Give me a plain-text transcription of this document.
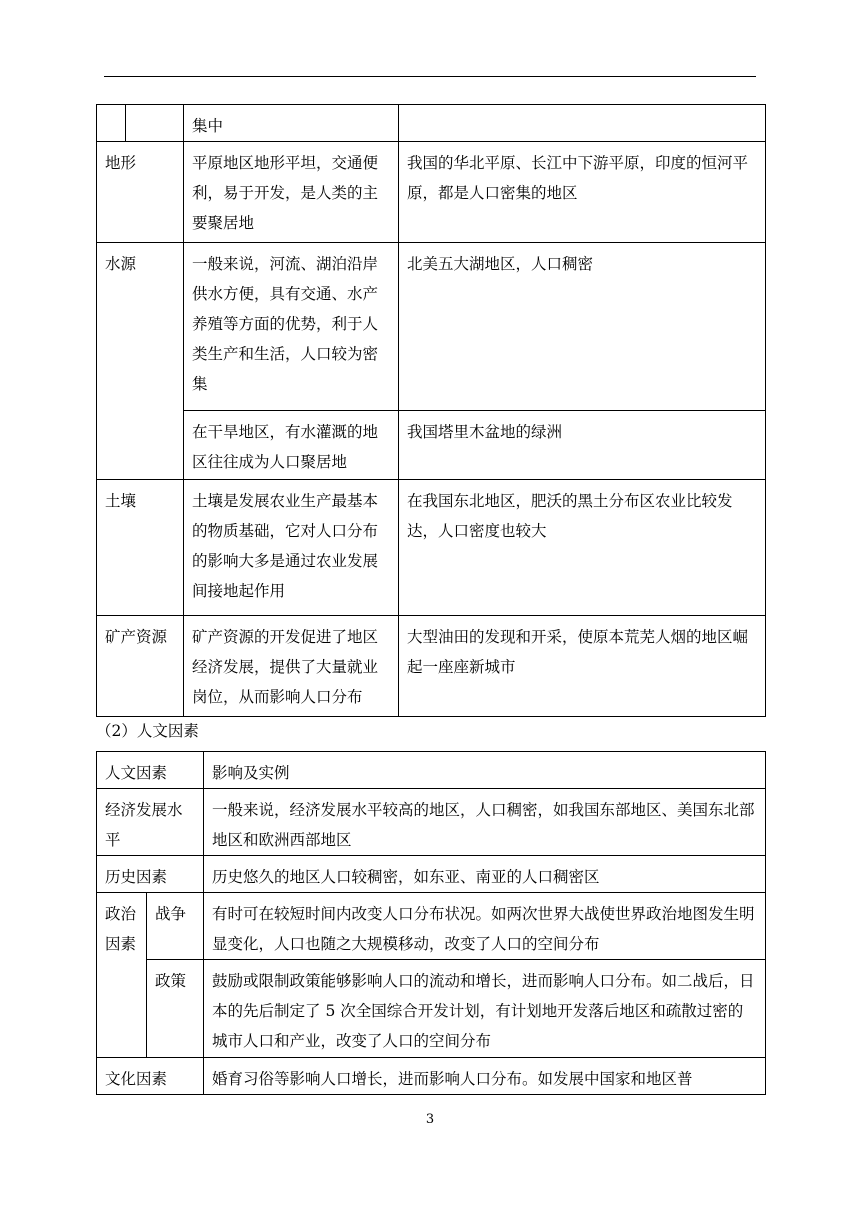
		集中	
地形		平原地区地形平坦，交通便利，易于开发，是人类的主要聚居地	我国的华北平原、长江中下游平原，印度的恒河平原，都是人口密集的地区
水源		一般来说，河流、湖泊沿岸供水方便，具有交通、水产养殖等方面的优势，利于人类生产和生活，人口较为密集	北美五大湖地区，人口稠密
		在干旱地区，有水灌溉的地区往往成为人口聚居地	我国塔里木盆地的绿洲
土壤		土壤是发展农业生产最基本的物质基础，它对人口分布的影响大多是通过农业发展间接地起作用	在我国东北地区，肥沃的黑土分布区农业比较发达，人口密度也较大
矿产资源		矿产资源的开发促进了地区经济发展，提供了大量就业岗位，从而影响人口分布	大型油田的发现和开采，使原本荒芜人烟的地区崛起一座座新城市
（2）人文因素
人文因素		影响及实例
经济发展水平		一般来说，经济发展水平较高的地区，人口稠密，如我国东部地区、美国东北部地区和欧洲西部地区
历史因素		历史悠久的地区人口较稠密，如东亚、南亚的人口稠密区
政治因素	战争	有时可在较短时间内改变人口分布状况。如两次世界大战使世界政治地图发生明显变化，人口也随之大规模移动，改变了人口的空间分布
	政策	鼓励或限制政策能够影响人口的流动和增长，进而影响人口分布。如二战后，日本的先后制定了 5 次全国综合开发计划，有计划地开发落后地区和疏散过密的城市人口和产业，改变了人口的空间分布
文化因素		婚育习俗等影响人口增长，进而影响人口分布。如发展中国家和地区普
3
